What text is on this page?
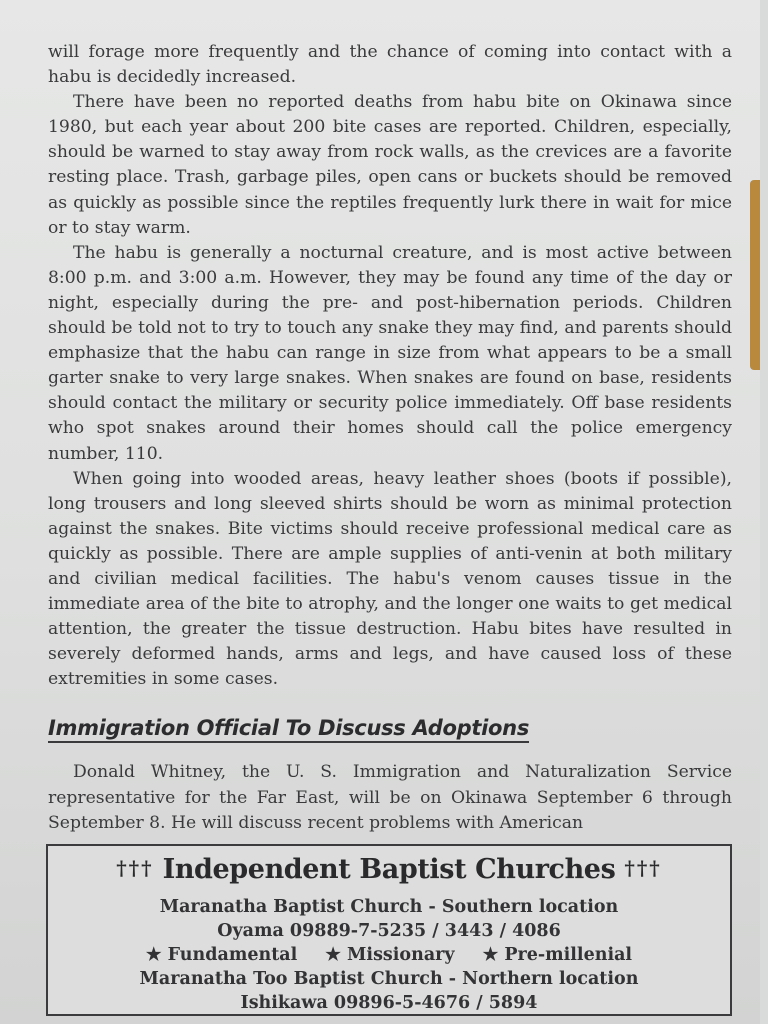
will forage more frequently and the chance of coming into contact with a habu is decidedly increased.

There have been no reported deaths from habu bite on Okinawa since 1980, but each year about 200 bite cases are reported. Children, especially, should be warned to stay away from rock walls, as the crevices are a favorite resting place. Trash, garbage piles, open cans or buckets should be removed as quickly as possible since the reptiles frequently lurk there in wait for mice or to stay warm.

The habu is generally a nocturnal creature, and is most active between 8:00 p.m. and 3:00 a.m. However, they may be found any time of the day or night, especially during the pre- and post-hibernation periods. Children should be told not to try to touch any snake they may find, and parents should emphasize that the habu can range in size from what appears to be a small garter snake to very large snakes. When snakes are found on base, residents should contact the military or security police immediately. Off base residents who spot snakes around their homes should call the police emergency number, 110.

When going into wooded areas, heavy leather shoes (boots if possible), long trousers and long sleeved shirts should be worn as minimal protection against the snakes. Bite victims should receive professional medical care as quickly as possible. There are ample supplies of anti-venin at both military and civilian medical facilities. The habu's venom causes tissue in the immediate area of the bite to atrophy, and the longer one waits to get medical attention, the greater the tissue destruction. Habu bites have resulted in severely deformed hands, arms and legs, and have caused loss of these extremities in some cases.

Immigration Official To Discuss Adoptions

Donald Whitney, the U. S. Immigration and Naturalization Service representative for the Far East, will be on Okinawa September 6 through September 8. He will discuss recent problems with American

††† Independent Baptist Churches †††
Maranatha Baptist Church - Southern location
Oyama 09889-7-5235 / 3443 / 4086
★ Fundamental ★ Missionary ★ Pre-millenial
Maranatha Too Baptist Church - Northern location
Ishikawa 09896-5-4676 / 5894
